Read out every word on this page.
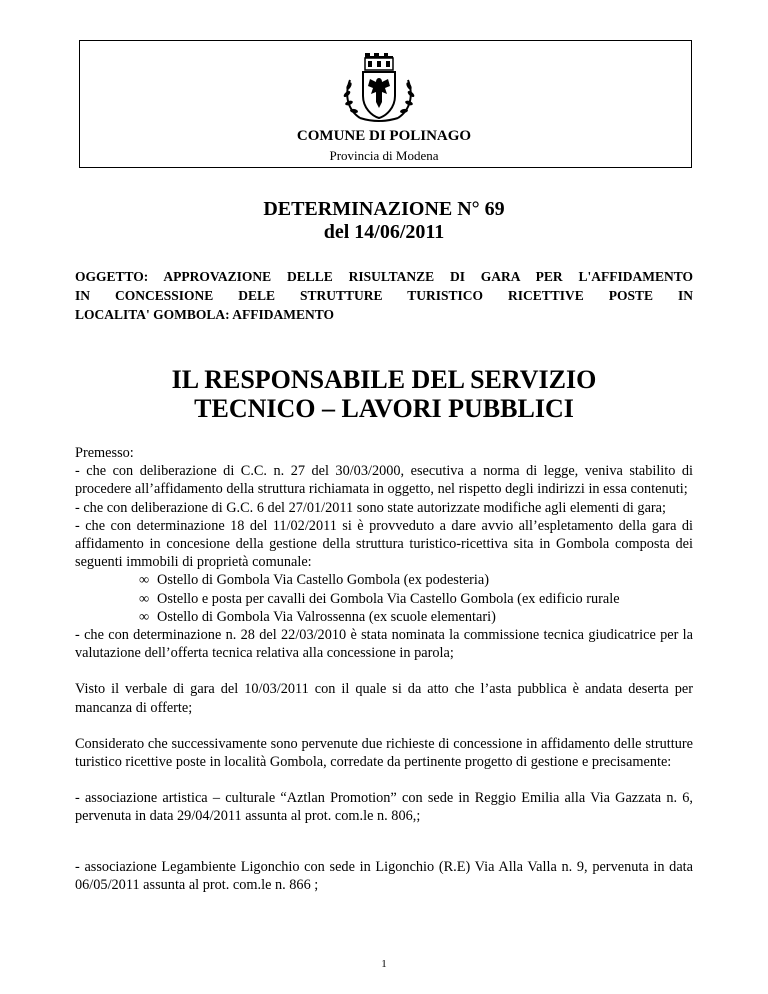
COMUNE DI POLINAGO
Provincia di Modena
DETERMINAZIONE N° 69
del 14/06/2011
OGGETTO: APPROVAZIONE DELLE RISULTANZE DI GARA PER L'AFFIDAMENTO
IN CONCESSIONE DELE STRUTTURE TURISTICO RICETTIVE POSTE IN
LOCALITA' GOMBOLA: AFFIDAMENTO
IL RESPONSABILE DEL SERVIZIO
TECNICO – LAVORI PUBBLICI

Premesso:

- che con deliberazione di C.C. n. 27 del 30/03/2000, esecutiva a norma di legge, veniva stabilito di procedere all’affidamento della struttura richiamata in oggetto, nel rispetto degli indirizzi in essa contenuti;

- che con deliberazione di G.C. 6 del 27/01/2011 sono state autorizzate modifiche agli elementi di gara;

- che con determinazione 18 del 11/02/2011 si è provveduto a dare avvio all’espletamento della gara di affidamento in concesione della gestione della struttura turistico-ricettiva sita in Gombola composta dei seguenti immobili di proprietà comunale:

∞ Ostello di Gombola Via Castello Gombola (ex podesteria)

∞ Ostello e posta per cavalli dei Gombola Via Castello Gombola (ex edificio rurale

∞ Ostello di Gombola Via Valrossenna (ex scuole elementari)

- che con determinazione n. 28 del 22/03/2010 è stata nominata la commissione tecnica giudicatrice per la valutazione dell’offerta tecnica relativa alla concessione in parola;

Visto il verbale di gara del 10/03/2011 con il quale si da atto che l’asta pubblica è andata deserta per mancanza di offerte;

Considerato che successivamente sono pervenute due richieste di concessione in affidamento delle strutture turistico ricettive poste in località Gombola, corredate da pertinente progetto di gestione e precisamente:

- associazione artistica – culturale “Aztlan Promotion” con sede in Reggio Emilia alla Via Gazzata n. 6, pervenuta in data 29/04/2011 assunta al prot. com.le n. 806,;

- associazione Legambiente Ligonchio con sede in Ligonchio (R.E) Via Alla Valla n. 9, pervenuta in data 06/05/2011 assunta al prot. com.le n. 866 ;

1
